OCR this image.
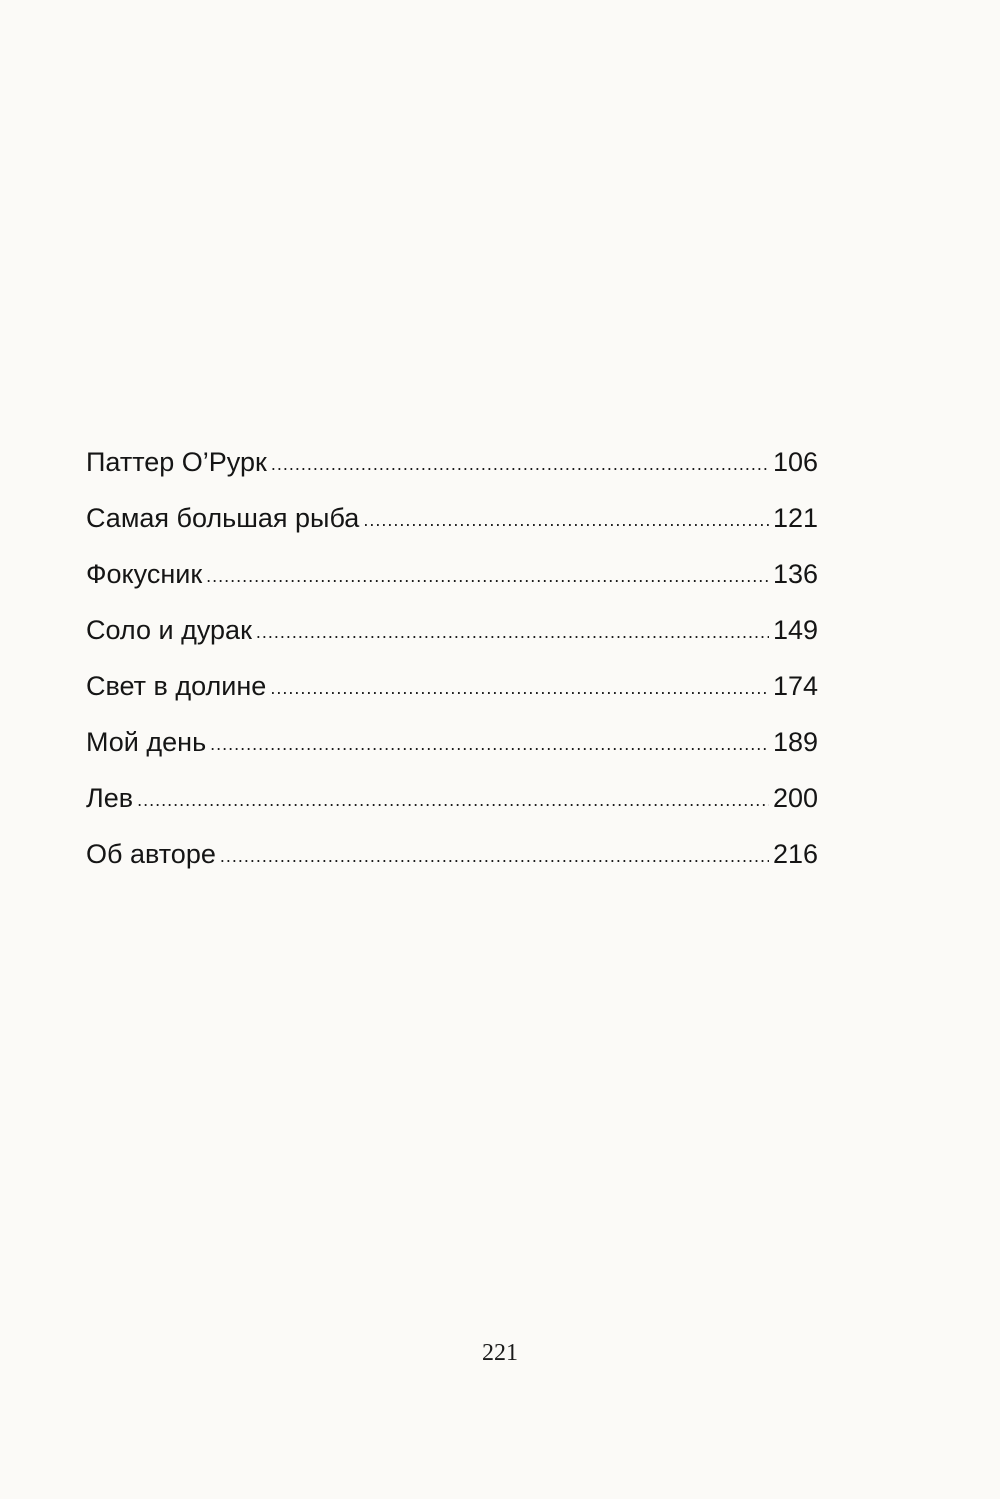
Паттер О’Рурк .....	106
Самая большая рыба .....	121
Фокусник .....	136
Соло и дурак .....	149
Свет в долине .....	174
Мой день .....	189
Лев .....	200
Об авторе .....	216
221
